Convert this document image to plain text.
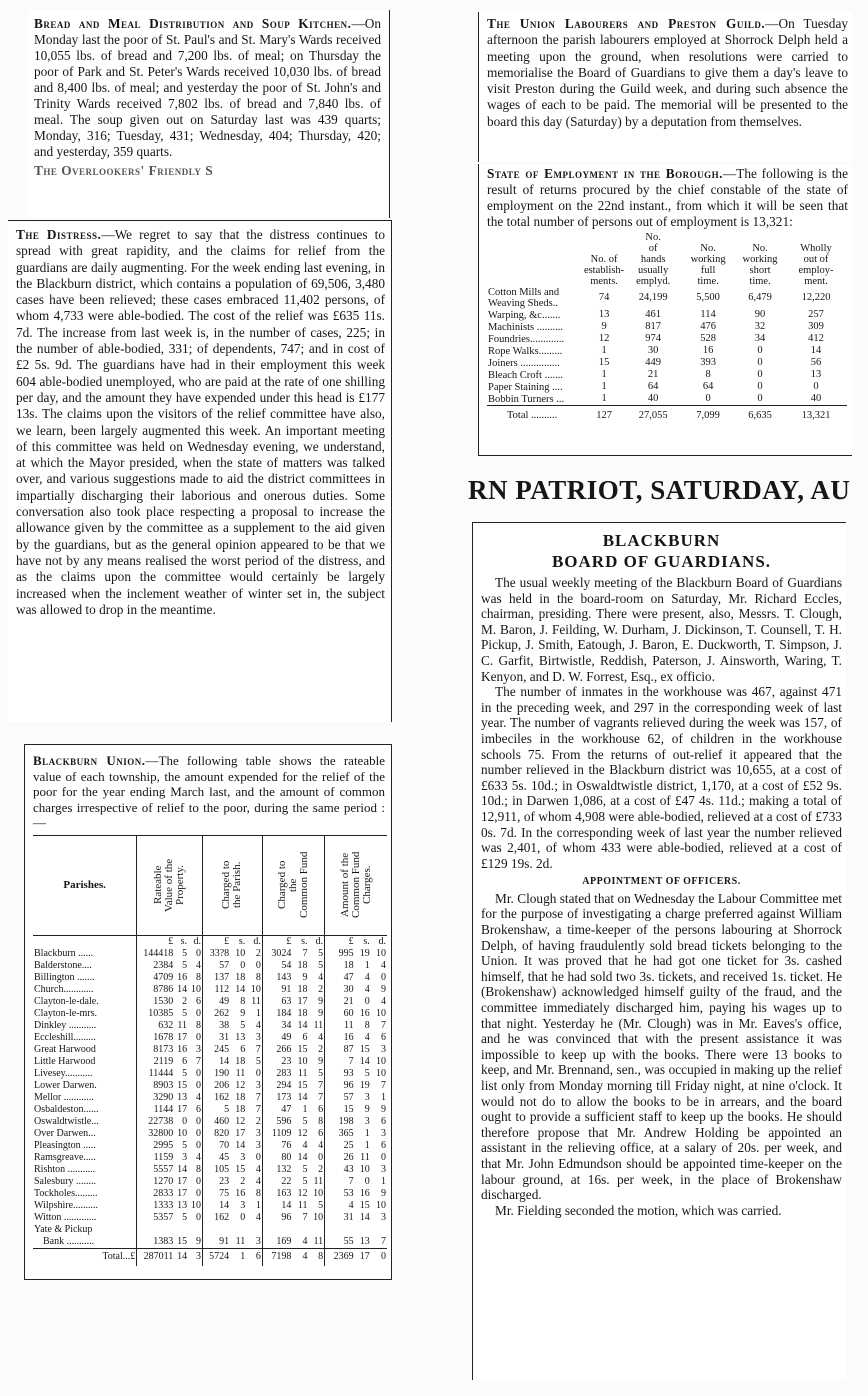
Bread and Meal Distribution and Soup Kitchen.—On Monday last the poor of St. Paul's and St. Mary's Wards received 10,055 lbs. of bread and 7,200 lbs. of meal; on Thursday the poor of Park and St. Peter's Wards received 10,030 lbs. of bread and 8,400 lbs. of meal; and yesterday the poor of St. John's and Trinity Wards received 7,802 lbs. of bread and 7,840 lbs. of meal. The soup given out on Saturday last was 439 quarts; Monday, 316; Tuesday, 431; Wednesday, 404; Thursday, 420; and yesterday, 359 quarts.

The Overlookers' Friendly S

The Distress.—We regret to say that the distress continues to spread with great rapidity, and the claims for relief from the guardians are daily augmenting. For the week ending last evening, in the Blackburn district, which contains a population of 69,506, 3,480 cases have been relieved; these cases embraced 11,402 persons, of whom 4,733 were able-bodied. The cost of the relief was £635 11s. 7d. The increase from last week is, in the number of cases, 225; in the number of able-bodied, 331; of dependents, 747; and in cost of £2 5s. 9d. The guardians have had in their employment this week 604 able-bodied unemployed, who are paid at the rate of one shilling per day, and the amount they have expended under this head is £177 13s. The claims upon the visitors of the relief committee have also, we learn, been largely augmented this week. An important meeting of this committee was held on Wednesday evening, we understand, at which the Mayor presided, when the state of matters was talked over, and various suggestions made to aid the district committees in impartially discharging their laborious and onerous duties. Some conversation also took place respecting a proposal to increase the allowance given by the committee as a supplement to the aid given by the guardians, but as the general opinion appeared to be that we have not by any means realised the worst period of the distress, and as the claims upon the committee would certainly be largely increased when the inclement weather of winter set in, the subject was allowed to drop in the meantime.

Blackburn Union.—The following table shows the rateable value of each township, the amount expended for the relief of the poor for the year ending March last, and the amount of common charges irrespective of relief to the poor, during the same period :—

Parishes.	Rateable
Value of the
Property.			Charged to
the Parish.			Charged to
the
Common Fund			Amount of the
Common Fund
Charges.		

	£	s.	d.	£	s.	d.	£	s.	d.	£	s.	d.
Blackburn ......	144418	5	0	33?8	10	2	3024	7	5	995	19	10
Balderstone....	2384	5	4	57	0	0	54	18	5	18	1	4
Billington .......	4709	16	8	137	18	8	143	9	4	47	4	0
Church............	8786	14	10	112	14	10	91	18	2	30	4	9
Clayton-le-dale.	1530	2	6	49	8	11	63	17	9	21	0	4
Clayton-le-mrs.	10385	5	0	262	9	1	184	18	9	60	16	10
Dinkley ...........	632	11	8	38	5	4	34	14	11	11	8	7
Eccleshill.........	1678	17	0	31	13	3	49	6	4	16	4	6
Great Harwood	8173	16	3	245	6	7	266	15	2	87	15	3
Little Harwood	2119	6	7	14	18	5	23	10	9	7	14	10
Livesey...........	11444	5	0	190	11	0	283	11	5	93	5	10
Lower Darwen.	8903	15	0	206	12	3	294	15	7	96	19	7
Mellor ............	3290	13	4	162	18	7	173	14	7	57	3	1
Osbaldeston......	1144	17	6	5	18	7	47	1	6	15	9	9
Oswaldtwistle...	22738	0	0	460	12	2	596	5	8	198	3	6
Over Darwen...	32800	10	0	820	17	3	1109	12	6	365	1	3
Pleasington .....	2995	5	0	70	14	3	76	4	4	25	1	6
Ramsgreave.....	1159	3	4	45	3	0	80	14	0	26	11	0
Rishton ...........	5557	14	8	105	15	4	132	5	2	43	10	3
Salesbury ........	1270	17	0	23	2	4	22	5	11	7	0	1
Tockholes.........	2833	17	0	75	16	8	163	12	10	53	16	9
Wilpshire..........	1333	13	10	14	3	1	14	11	5	4	15	10
Witton .............	5357	5	0	162	0	4	96	7	10	31	14	3
Yate & Pickup												
Bank ...........	1383	15	9	91	11	3	169	4	11	55	13	7
Total...£	287011	14	3	5724	1	6	7198	4	8	2369	17	0

The Union Labourers and Preston Guild.—On Tuesday afternoon the parish labourers employed at Shorrock Delph held a meeting upon the ground, when resolutions were carried to memorialise the Board of Guardians to give them a day's leave to visit Preston during the Guild week, and during such absence the wages of each to be paid. The memorial will be presented to the board this day (Saturday) by a deputation from themselves.

State of Employment in the Borough.—The following is the result of returns procured by the chief constable of the state of employment on the 22nd instant., from which it will be seen that the total number of persons out of employment is 13,321:

	No. of
establish-
ments.	No.
of
hands
usually
emplyd.	No.
working
full
time.	No.
working
short
time.	Wholly
out of
employ-
ment.
Cotton Mills and
Weaving Sheds..	74	24,199	5,500	6,479	12,220
Warping, &c.......	13	461	114	90	257
Machinists ..........	9	817	476	32	309
Foundries.............	12	974	528	34	412
Rope Walks.........	1	30	16	0	14
Joiners ...............	15	449	393	0	56
Bleach Croft .......	1	21	8	0	13
Paper Staining ....	1	64	64	0	0
Bobbin Turners ...	1	40	0	0	40
Total ..........	127	27,055	7,099	6,635	13,321
RN PATRIOT, SATURDAY, AU
BLACKBURN
BOARD OF GUARDIANS.

The usual weekly meeting of the Blackburn Board of Guardians was held in the board-room on Saturday, Mr. Richard Eccles, chairman, presiding. There were present, also, Messrs. T. Clough, M. Baron, J. Feilding, W. Durham, J. Dickinson, T. Counsell, T. H. Pickup, J. Smith, Eatough, J. Baron, E. Duckworth, T. Simpson, J. C. Garfit, Birtwistle, Reddish, Paterson, J. Ainsworth, Waring, T. Kenyon, and D. W. Forrest, Esq., ex officio.

The number of inmates in the workhouse was 467, against 471 in the preceding week, and 297 in the corresponding week of last year. The number of vagrants relieved during the week was 157, of imbeciles in the workhouse 62, of children in the workhouse schools 75. From the returns of out-relief it appeared that the number relieved in the Blackburn district was 10,655, at a cost of £633 5s. 10d.; in Oswaldtwistle district, 1,170, at a cost of £52 9s. 10d.; in Darwen 1,086, at a cost of £47 4s. 11d.; making a total of 12,911, of whom 4,908 were able-bodied, relieved at a cost of £733 0s. 7d. In the corresponding week of last year the number relieved was 2,401, of whom 433 were able-bodied, relieved at a cost of £129 19s. 2d.

APPOINTMENT OF OFFICERS.

Mr. Clough stated that on Wednesday the Labour Committee met for the purpose of investigating a charge preferred against William Brokenshaw, a time-keeper of the persons labouring at Shorrock Delph, of having fraudulently sold bread tickets belonging to the Union. It was proved that he had got one ticket for 3s. cashed himself, that he had sold two 3s. tickets, and received 1s. ticket. He (Brokenshaw) acknowledged himself guilty of the fraud, and the committee immediately discharged him, paying his wages up to that night. Yesterday he (Mr. Clough) was in Mr. Eaves's office, and he was convinced that with the present assistance it was impossible to keep up with the books. There were 13 books to keep, and Mr. Brennand, sen., was occupied in making up the relief list only from Monday morning till Friday night, at nine o'clock. It would not do to allow the books to be in arrears, and the board ought to provide a sufficient staff to keep up the books. He should therefore propose that Mr. Andrew Holding be appointed an assistant in the relieving office, at a salary of 20s. per week, and that Mr. John Edmundson should be appointed time-keeper on the labour ground, at 16s. per week, in the place of Brokenshaw discharged.

Mr. Fielding seconded the motion, which was carried.
